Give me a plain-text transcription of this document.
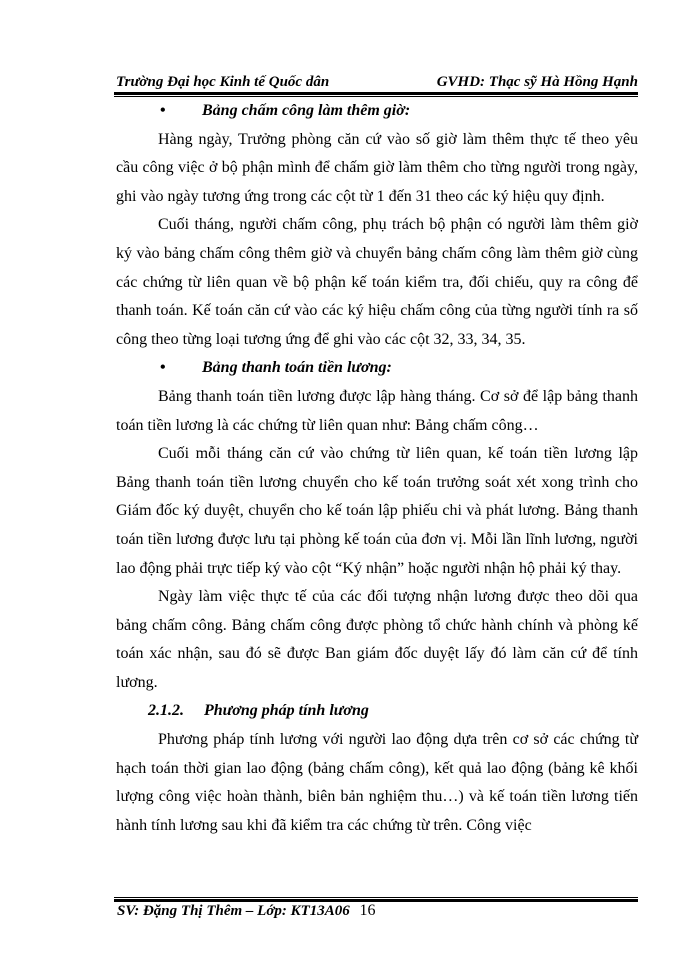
Trường Đại học Kinh tế Quốc dân	GVHD: Thạc sỹ Hà Hồng Hạnh
• Bảng chấm công làm thêm giờ:

Hàng ngày, Trưởng phòng căn cứ vào số giờ làm thêm thực tế theo yêu cầu công việc ở bộ phận mình để chấm giờ làm thêm cho từng người trong ngày, ghi vào ngày tương ứng trong các cột từ 1 đến 31 theo các ký hiệu quy định.

Cuối tháng, người chấm công, phụ trách bộ phận có người làm thêm giờ ký vào bảng chấm công thêm giờ và chuyển bảng chấm công làm thêm giờ cùng các chứng từ liên quan về bộ phận kế toán kiểm tra, đối chiếu, quy ra công để thanh toán. Kế toán căn cứ vào các ký hiệu chấm công của từng người tính ra số công theo từng loại tương ứng để ghi vào các cột 32, 33, 34, 35.

• Bảng thanh toán tiền lương:

Bảng thanh toán tiền lương được lập hàng tháng. Cơ sở để lập bảng thanh toán tiền lương là các chứng từ liên quan như: Bảng chấm công…

Cuối mỗi tháng căn cứ vào chứng từ liên quan, kế toán tiền lương lập Bảng thanh toán tiền lương chuyển cho kế toán trưởng soát xét xong trình cho Giám đốc ký duyệt, chuyển cho kế toán lập phiếu chi và phát lương. Bảng thanh toán tiền lương được lưu tại phòng kế toán của đơn vị. Mỗi lần lĩnh lương, người lao động phải trực tiếp ký vào cột “Ký nhận” hoặc người nhận hộ phải ký thay.

Ngày làm việc thực tế của các đối tượng nhận lương được theo dõi qua bảng chấm công. Bảng chấm công được phòng tổ chức hành chính và phòng kế toán xác nhận, sau đó sẽ được Ban giám đốc duyệt lấy đó làm căn cứ để tính lương.

2.1.2. Phương pháp tính lương

Phương pháp tính lương với người lao động dựa trên cơ sở các chứng từ hạch toán thời gian lao động (bảng chấm công), kết quả lao động (bảng kê khối lượng công việc hoàn thành, biên bản nghiệm thu…) và kế toán tiền lương tiến hành tính lương sau khi đã kiểm tra các chứng từ trên. Công việc

SV: Đặng Thị Thêm – Lớp: KT13A06 16
